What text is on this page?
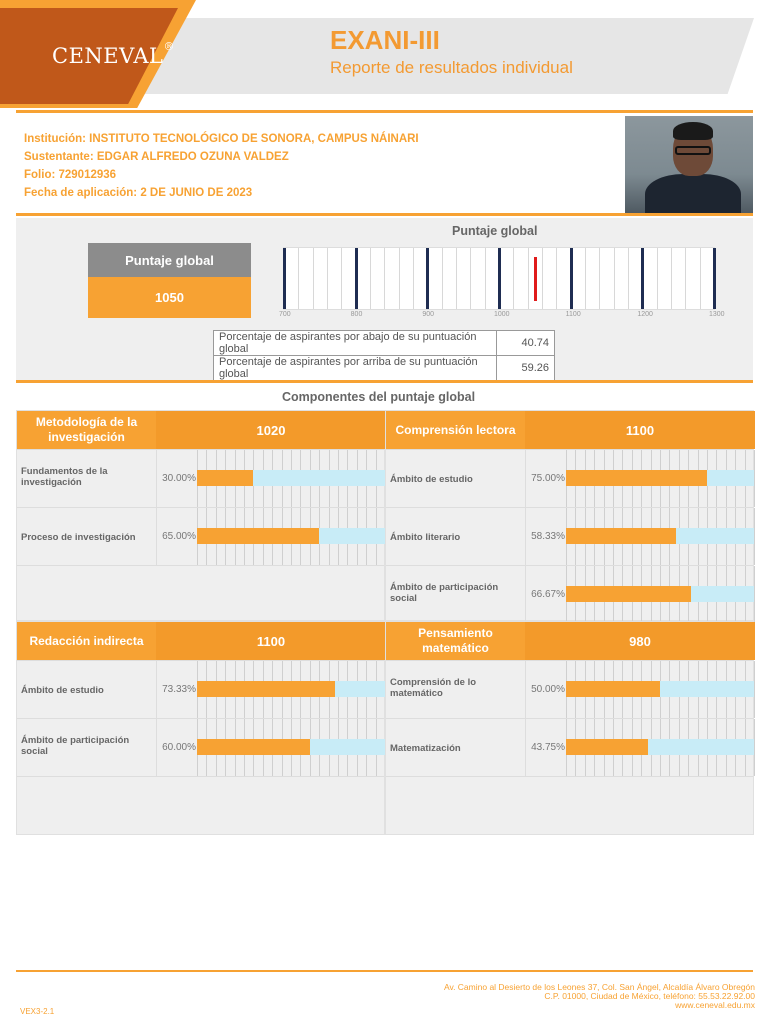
CENEVAL®	EXANI-III
Reporte de resultados individual
Institución: INSTITUTO TECNOLÓGICO DE SONORA, CAMPUS NÁINARI
Sustentante: EDGAR ALFREDO OZUNA VALDEZ
Folio: 729012936
Fecha de aplicación: 2 DE JUNIO DE 2023
Puntaje global
Puntaje global
1050
700	800	900	1000	1100	1200	1300
Porcentaje de aspirantes por abajo de su puntuación global	40.74
Porcentaje de aspirantes por arriba de su puntuación global	59.26
Componentes del puntaje global
Metodología de la investigación	1020
Fundamentos de la investigación	30.00%
Proceso de investigación	65.00%
Comprensión lectora	1100
Ámbito de estudio	75.00%
Ámbito literario	58.33%
Ámbito de participación social	66.67%
Redacción indirecta	1100
Ámbito de estudio	73.33%
Ámbito de participación social	60.00%
Pensamiento matemático	980
Comprensión de lo matemático	50.00%
Matematización	43.75%
Av. Camino al Desierto de los Leones 37, Col. San Ángel, Alcaldía Álvaro Obregón
C.P. 01000, Ciudad de México, teléfono: 55.53.22.92.00
www.ceneval.edu.mx
VEX3-2.1
